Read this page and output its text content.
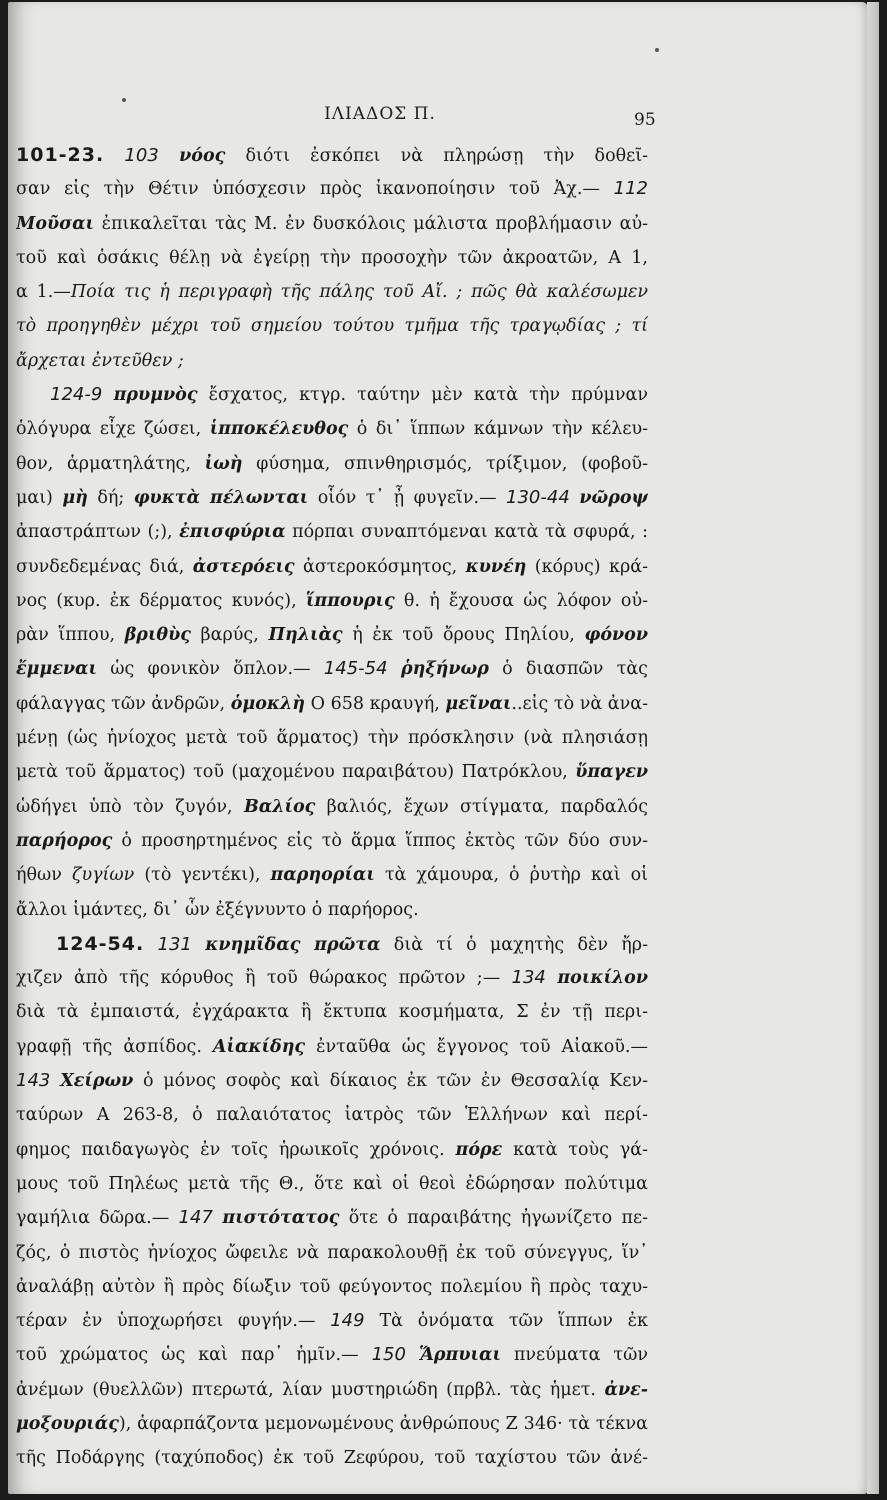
ΙΛΙΑΔΟΣ Π.	95
101-23. 103 νόος διότι ἐσκόπει νὰ πληρώσῃ τὴν δοθεῖ-
σαν εἰς τὴν Θέτιν ὑπόσχεσιν πρὸς ἱκανοποίησιν τοῦ Ἀχ.— 112
Μοῦσαι ἐπικαλεῖται τὰς Μ. ἐν δυσκόλοις μάλιστα προβλήμασιν αὐ-
τοῦ καὶ ὁσάκις θέλῃ νὰ ἐγείρῃ τὴν προσοχὴν τῶν ἀκροατῶν, Α 1,
α 1.—Ποία τις ἡ περιγραφὴ τῆς πάλης τοῦ Αἴ. ; πῶς θὰ καλέσωμεν
τὸ προηγηθὲν μέχρι τοῦ σημείου τούτου τμῆμα τῆς τραγῳδίας ; τί
ἄρχεται ἐντεῦθεν ;
124-9 πρυμνὸς ἔσχατος, κτγρ. ταύτην μὲν κατὰ τὴν πρύμναν
ὁλόγυρα εἶχε ζώσει, ἱπποκέλευθος ὁ δι᾽ ἵππων κάμνων τὴν κέλευ-
θον, ἁρματηλάτης, ἰωὴ φύσημα, σπινθηρισμός, τρίξιμον, (φοβοῦ-
μαι) μὴ δή; φυκτὰ πέλωνται οἷόν τ᾽ ᾖ φυγεῖν.— 130-44 νῶροψ
ἀπαστράπτων (;), ἐπισφύρια πόρπαι συναπτόμεναι κατὰ τὰ σφυρά, :
συνδεδεμένας διά, ἀστερόεις ἀστεροκόσμητος, κυνέη (κόρυς) κρά-
νος (κυρ. ἐκ δέρματος κυνός), ἵππουρις θ. ἡ ἔχουσα ὡς λόφον οὐ-
ρὰν ἵππου, βριθὺς βαρύς, Πηλιὰς ἡ ἐκ τοῦ ὄρους Πηλίου, φόνον
ἔμμεναι ὡς φονικὸν ὅπλον.— 145-54 ῥηξήνωρ ὁ διασπῶν τὰς
φάλαγγας τῶν ἀνδρῶν, ὁμοκλὴ Ο 658 κραυγή, μεῖναι..εἰς τὸ νὰ ἀνα-
μένῃ (ὡς ἡνίοχος μετὰ τοῦ ἅρματος) τὴν πρόσκλησιν (νὰ πλησιάσῃ
μετὰ τοῦ ἅρματος) τοῦ (μαχομένου παραιβάτου) Πατρόκλου, ὕπαγεν
ὡδήγει ὑπὸ τὸν ζυγόν, Βαλίος βαλιός, ἔχων στίγματα, παρδαλός
παρήορος ὁ προσηρτημένος εἰς τὸ ἅρμα ἵππος ἐκτὸς τῶν δύο συν-
ήθων ζυγίων (τὸ γεντέκι), παρηορίαι τὰ χάμουρα, ὁ ῥυτὴρ καὶ οἱ
ἄλλοι ἱμάντες, δι᾽ ὧν ἐξέγνυντο ὁ παρήορος.
124-54. 131 κνημῖδας πρῶτα διὰ τί ὁ μαχητὴς δὲν ἤρ-
χιζεν ἀπὸ τῆς κόρυθος ἢ τοῦ θώρακος πρῶτον ;— 134 ποικίλον
διὰ τὰ ἐμπαιστά, ἐγχάρακτα ἢ ἔκτυπα κοσμήματα, Σ ἐν τῇ περι-
γραφῇ τῆς ἀσπίδος. Αἰακίδης ἐνταῦθα ὡς ἔγγονος τοῦ Αἰακοῦ.—
143 Χείρων ὁ μόνος σοφὸς καὶ δίκαιος ἐκ τῶν ἐν Θεσσαλίᾳ Κεν-
ταύρων Α 263-8, ὁ παλαιότατος ἰατρὸς τῶν Ἑλλήνων καὶ περί-
φημος παιδαγωγὸς ἐν τοῖς ἡρωικοῖς χρόνοις. πόρε κατὰ τοὺς γά-
μους τοῦ Πηλέως μετὰ τῆς Θ., ὅτε καὶ οἱ θεοὶ ἐδώρησαν πολύτιμα
γαμήλια δῶρα.— 147 πιστότατος ὅτε ὁ παραιβάτης ἠγωνίζετο πε-
ζός, ὁ πιστὸς ἡνίοχος ὤφειλε νὰ παρακολουθῇ ἐκ τοῦ σύνεγγυς, ἵν᾽
ἀναλάβῃ αὐτὸν ἢ πρὸς δίωξιν τοῦ φεύγοντος πολεμίου ἢ πρὸς ταχυ-
τέραν ἐν ὑποχωρήσει φυγήν.— 149 Τὰ ὀνόματα τῶν ἵππων ἐκ
τοῦ χρώματος ὡς καὶ παρ᾽ ἡμῖν.— 150 Ἅρπυιαι πνεύματα τῶν
ἀνέμων (θυελλῶν) πτερωτά, λίαν μυστηριώδη (πρβλ. τὰς ἡμετ. ἀνε-
μοξουριάς), ἁφαρπάζοντα μεμονωμένους ἀνθρώπους Ζ 346· τὰ τέκνα
τῆς Ποδάργης (ταχύποδος) ἐκ τοῦ Ζεφύρου, τοῦ ταχίστου τῶν ἀνέ-
